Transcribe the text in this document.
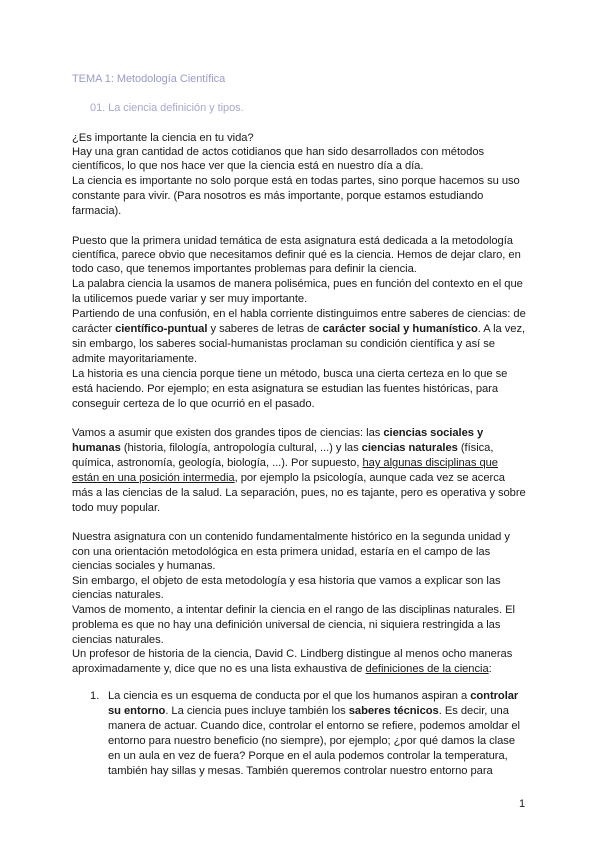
TEMA 1: Metodología Científica
01. La ciencia definición y tipos.
¿Es importante la ciencia en tu vida?
Hay una gran cantidad de actos cotidianos que han sido desarrollados con métodos
científicos, lo que nos hace ver que la ciencia está en nuestro día a día.
La ciencia es importante no solo porque está en todas partes, sino porque hacemos su uso
constante para vivir. (Para nosotros es más importante, porque estamos estudiando
farmacia).
Puesto que la primera unidad temática de esta asignatura está dedicada a la metodología
científica, parece obvio que necesitamos definir qué es la ciencia. Hemos de dejar claro, en
todo caso, que tenemos importantes problemas para definir la ciencia.
La palabra ciencia la usamos de manera polisémica, pues en función del contexto en el que
la utilicemos puede variar y ser muy importante.
Partiendo de una confusión, en el habla corriente distinguimos entre saberes de ciencias: de
carácter científico-puntual y saberes de letras de carácter social y humanístico. A la vez,
sin embargo, los saberes social-humanistas proclaman su condición científica y así se
admite mayoritariamente.
La historia es una ciencia porque tiene un método, busca una cierta certeza en lo que se
está haciendo. Por ejemplo; en esta asignatura se estudian las fuentes históricas, para
conseguir certeza de lo que ocurrió en el pasado.
Vamos a asumir que existen dos grandes tipos de ciencias: las ciencias sociales y
humanas (historia, filología, antropología cultural, ...) y las ciencias naturales (física,
química, astronomía, geología, biología, ...). Por supuesto, hay algunas disciplinas que
están en una posición intermedia, por ejemplo la psicología, aunque cada vez se acerca
más a las ciencias de la salud. La separación, pues, no es tajante, pero es operativa y sobre
todo muy popular.
Nuestra asignatura con un contenido fundamentalmente histórico en la segunda unidad y
con una orientación metodológica en esta primera unidad, estaría en el campo de las
ciencias sociales y humanas.
Sin embargo, el objeto de esta metodología y esa historia que vamos a explicar son las
ciencias naturales.
Vamos de momento, a intentar definir la ciencia en el rango de las disciplinas naturales. El
problema es que no hay una definición universal de ciencia, ni siquiera restringida a las
ciencias naturales.
Un profesor de historia de la ciencia, David C. Lindberg distingue al menos ocho maneras
aproximadamente y, dice que no es una lista exhaustiva de definiciones de la ciencia:
1. La ciencia es un esquema de conducta por el que los humanos aspiran a controlar
su entorno. La ciencia pues incluye también los saberes técnicos. Es decir, una
manera de actuar. Cuando dice, controlar el entorno se refiere, podemos amoldar el
entorno para nuestro beneficio (no siempre), por ejemplo; ¿por qué damos la clase
en un aula en vez de fuera? Porque en el aula podemos controlar la temperatura,
también hay sillas y mesas. También queremos controlar nuestro entorno para
1
